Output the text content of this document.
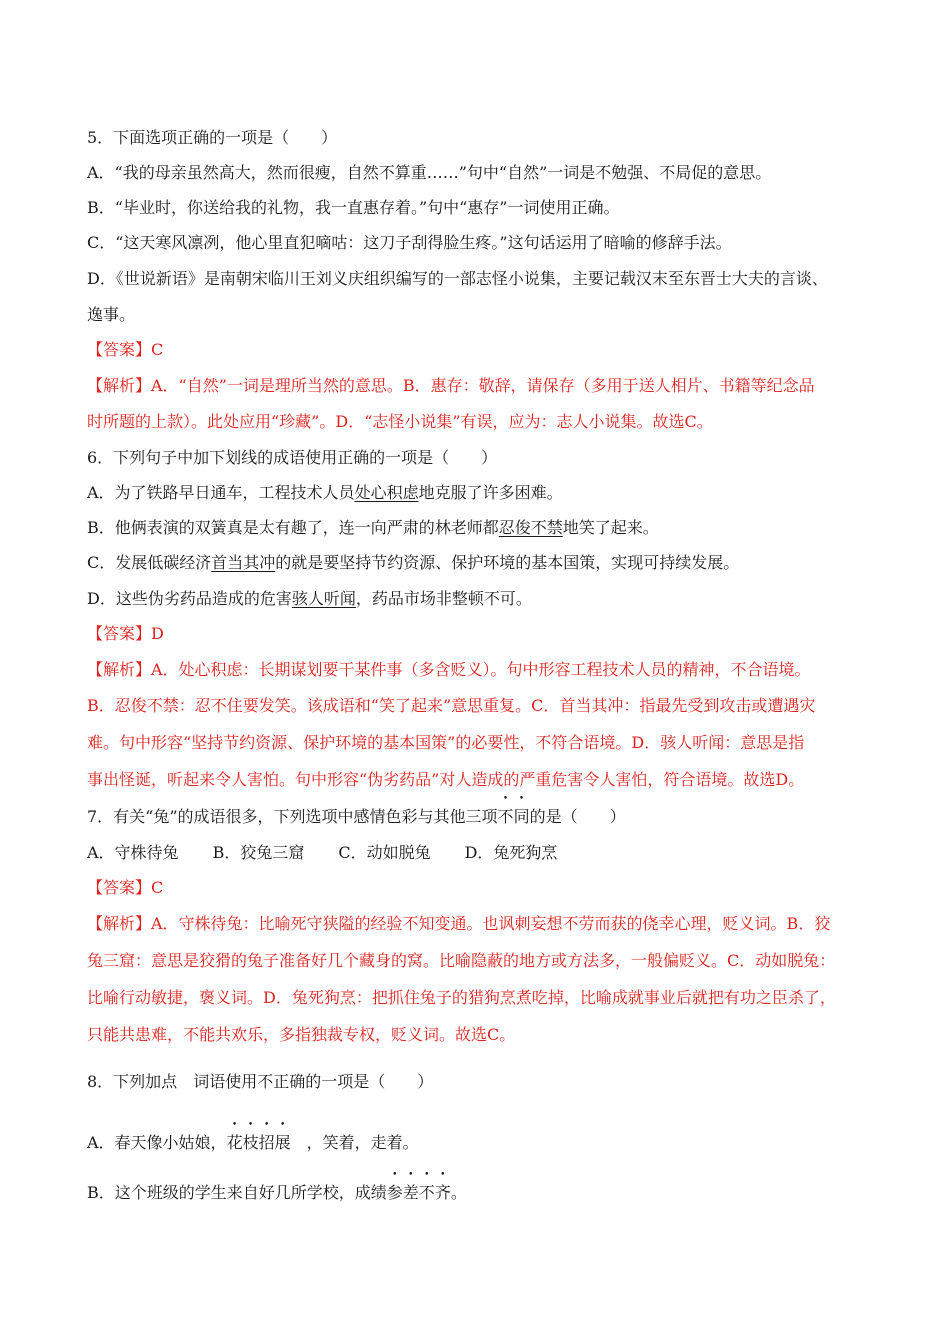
5．下面选项正确的一项是（　　）
A．“我的母亲虽然高大，然而很瘦，自然不算重……”句中“自然”一词是不勉强、不局促的意思。
B．“毕业时，你送给我的礼物，我一直惠存着。”句中“惠存”一词使用正确。
C．“这天寒风凛冽，他心里直犯嘀咕：这刀子刮得脸生疼。”这句话运用了暗喻的修辞手法。
D．《世说新语》是南朝宋临川王刘义庆组织编写的一部志怪小说集，主要记载汉末至东晋士大夫的言谈、
逸事。
【答案】C
【解析】A．“自然”一词是理所当然的意思。B．惠存：敬辞，请保存（多用于送人相片、书籍等纪念品
时所题的上款）。此处应用“珍藏”。D．“志怪小说集”有误，应为：志人小说集。故选C。
6．下列句子中加下划线的成语使用正确的一项是（　　）
A．为了铁路早日通车，工程技术人员处心积虑地克服了许多困难。
B．他俩表演的双簧真是太有趣了，连一向严肃的林老师都忍俊不禁地笑了起来。
C．发展低碳经济首当其冲的就是要坚持节约资源、保护环境的基本国策，实现可持续发展。
D．这些伪劣药品造成的危害骇人听闻，药品市场非整顿不可。
【答案】D
【解析】A．处心积虑：长期谋划要干某件事（多含贬义）。句中形容工程技术人员的精神，不合语境。
B．忍俊不禁：忍不住要发笑。该成语和“笑了起来”意思重复。C．首当其冲：指最先受到攻击或遭遇灾
难。句中形容“坚持节约资源、保护环境的基本国策”的必要性，不符合语境。D．骇人听闻：意思是指
事出怪诞，听起来令人害怕。句中形容“伪劣药品”对人造成的严重危害令人害怕，符合语境。故选D。
7．有关“兔”的成语很多，下列选项中感情色彩与其他三项不同的是（　　）
A．守株待兔 B．狡兔三窟 C．动如脱兔 D．兔死狗烹
【答案】C
【解析】A．守株待兔：比喻死守狭隘的经验不知变通。也讽刺妄想不劳而获的侥幸心理，贬义词。B．狡
兔三窟：意思是狡猾的兔子准备好几个藏身的窝。比喻隐蔽的地方或方法多，一般偏贬义。C．动如脱兔：
比喻行动敏捷，褒义词。D．兔死狗烹：把抓住兔子的猎狗烹煮吃掉，比喻成就事业后就把有功之臣杀了，
只能共患难，不能共欢乐，多指独裁专权，贬义词。故选C。
8．下列加点 词语使用不正确的一项是（　　）
A．春天像小姑娘，花枝招展 ，笑着，走着。
B．这个班级的学生来自好几所学校，成绩参差不齐。
